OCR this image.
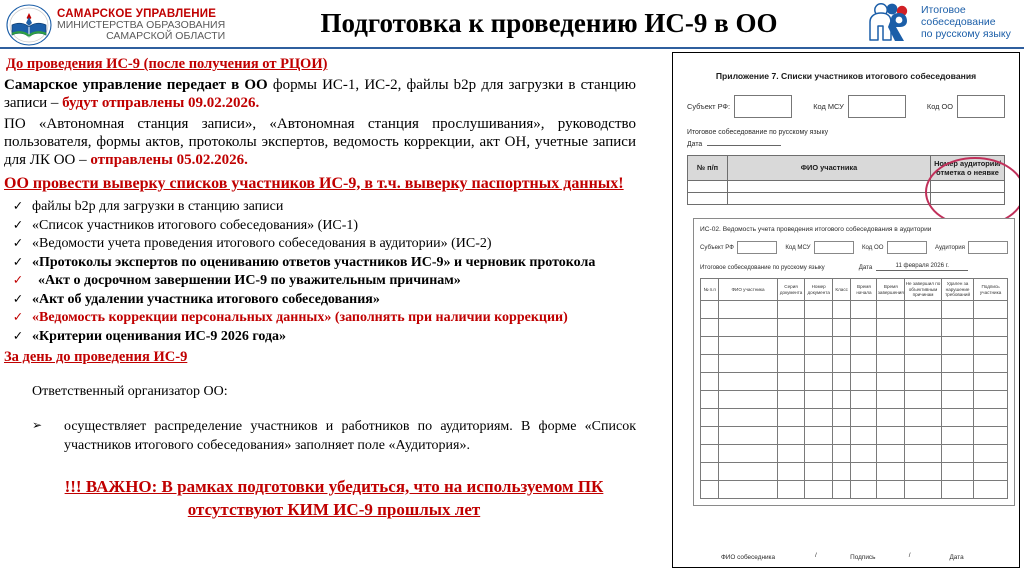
САМАРСКОЕ УПРАВЛЕНИЕ
МИНИСТЕРСТВА ОБРАЗОВАНИЯ
САМАРСКОЙ ОБЛАСТИ	Подготовка к проведению ИС-9 в ОО	Итоговое
собеседование
по русскому языку
До проведения ИС-9 (после получения от РЦОИ)
Самарское управление передает в ОО формы ИС-1, ИС-2, файлы b2p для загрузки в станцию записи – будут отправлены 09.02.2026.
ПО «Автономная станция записи», «Автономная станция прослушивания», руководство пользователя, формы актов, протоколы экспертов, ведомость коррекции, акт ОН, учетные записи для ЛК ОО – отправлены 05.02.2026.
ОО провести выверку списков участников ИС-9, в т.ч. выверку паспортных данных!
✓ файлы b2p для загрузки в станцию записи
✓ «Список участников итогового собеседования» (ИС-1)
✓ «Ведомости учета проведения итогового собеседования в аудитории» (ИС-2)
✓ «Протоколы экспертов по оцениванию ответов участников ИС-9» и черновик протокола
✓	«Акт о досрочном завершении ИС-9 по уважительным причинам»
✓ «Акт об удалении участника итогового собеседования»
✓ «Ведомость коррекции персональных данных» (заполнять при наличии коррекции)
✓ «Критерии оценивания ИС-9 2026 года»
За день до проведения ИС-9
Ответственный организатор ОО:
➢	осуществляет распределение участников и работников по аудиториям. В форме «Список участников итогового собеседования» заполняет поле «Аудитория».
!!! ВАЖНО: В рамках подготовки убедиться, что на используемом ПК
отсутствуют КИМ ИС-9 прошлых лет
Приложение 7. Списки участников итогового собеседования
Субъект РФ:	Код МСУ	Код ОО
Итоговое собеседование по русскому языку
Дата
№ п/п	ФИО участника	Номер аудитории/ отметка о неявке

ИС-02. Ведомость учета проведения итогового собеседования в аудитории
Субъект РФ	Код МСУ	Код ОО	Аудитория
Итоговое собеседование по русскому языку	Дата	11 февраля 2026 г.
№ п.п	ФИО участника	Серия документа	Номер документа	Класс	Время начала	Время завершения	Не завершил по объективным причинам	Удален за нарушение требований	Подпись участника

ФИО собеседника	/	Подпись	/	Дата
